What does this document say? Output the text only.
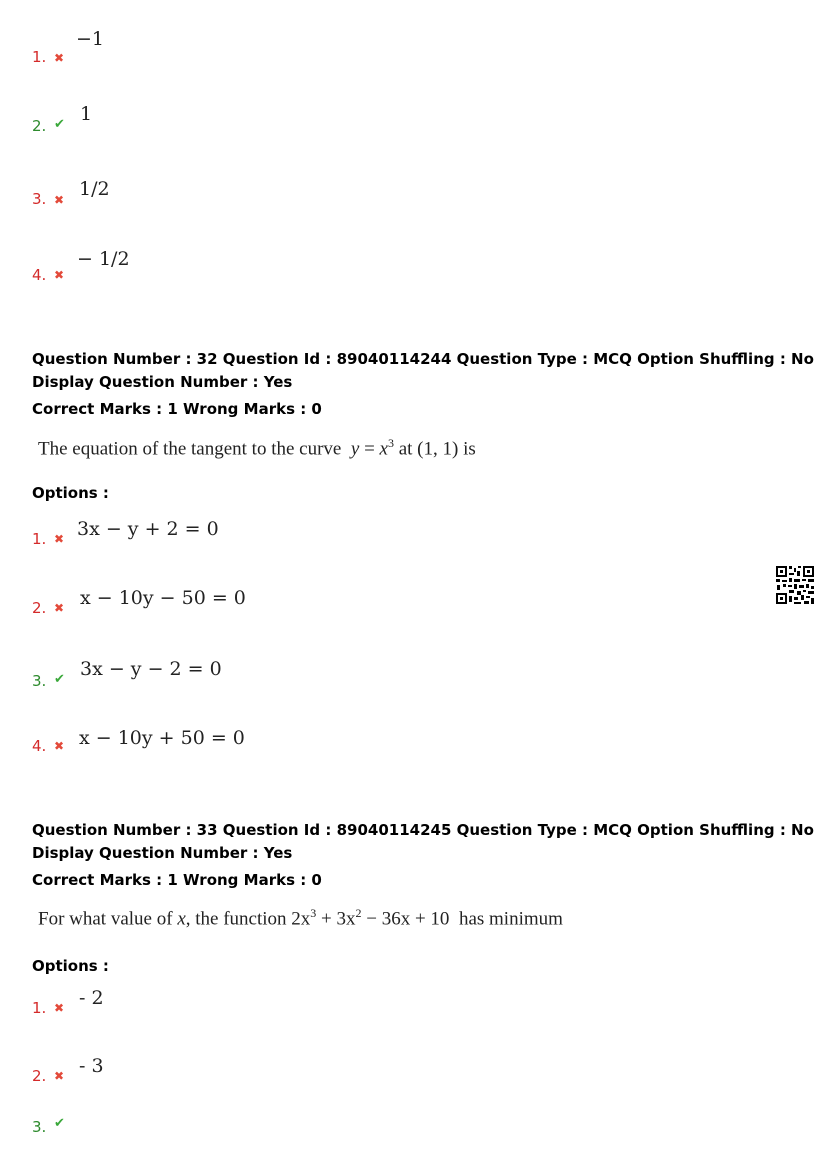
1. ✖
−1
2. ✔ 1
3. ✖ 1/2
4. ✖
− 1/2
Question Number : 32 Question Id : 89040114244 Question Type : MCQ Option Shuffling : No
Display Question Number : Yes
Correct Marks : 1 Wrong Marks : 0
The equation of the tangent to the curve $y = x^3$ at (1, 1) is
Options :
1. ✖ 3x − y + 2 = 0
2. ✖ x − 10y − 50 = 0
3. ✔ 3x − y − 2 = 0
4. ✖ x − 10y + 50 = 0
Question Number : 33 Question Id : 89040114245 Question Type : MCQ Option Shuffling : No
Display Question Number : Yes
Correct Marks : 1 Wrong Marks : 0
For what value of x, the function $2x^3 + 3x^2 - 36x + 10$ has minimum
Options :
1. ✖ - 2
2. ✖ - 3
3. ✔
